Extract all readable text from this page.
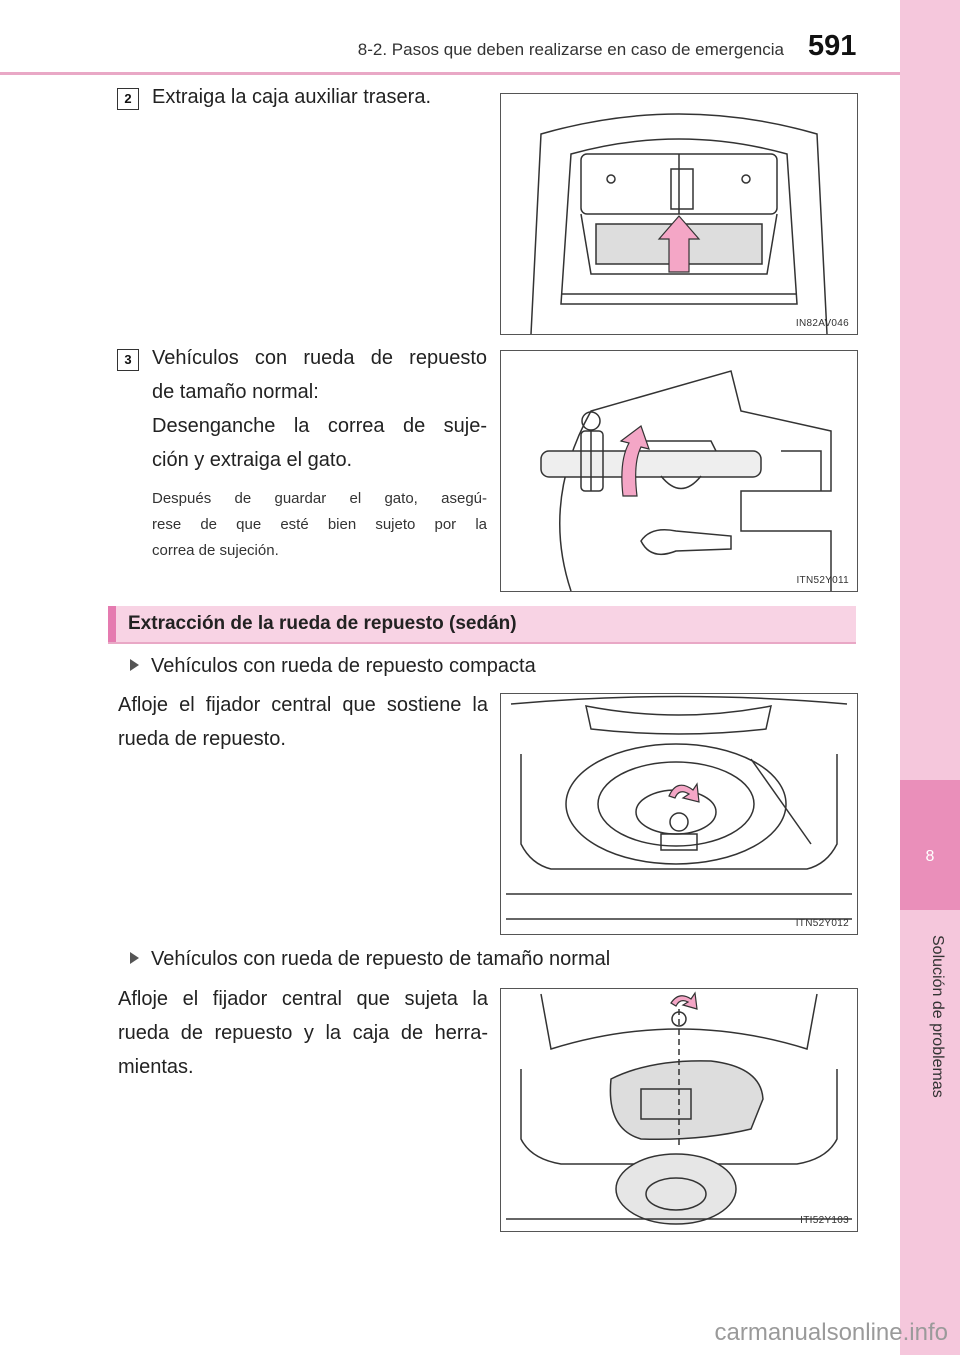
8-2. Pasos que deben realizarse en caso de emergencia 591
8
Solución de problemas
2	Extraiga la caja auxiliar trasera.
IN82AV046
3	Vehículos con rueda de repuesto
de tamaño normal:
Desenganche la correa de suje-
ción y extraiga el gato.
Después de guardar el gato, asegú-
rese de que esté bien sujeto por la
correa de sujeción.
ITN52Y011
Extracción de la rueda de repuesto (sedán)
Vehículos con rueda de repuesto compacta
Afloje el fijador central que sostiene la
rueda de repuesto.
ITN52Y012
Vehículos con rueda de repuesto de tamaño normal
Afloje el fijador central que sujeta la
rueda de repuesto y la caja de herra-
mientas.
ITI52Y103
carmanualsonline.info
